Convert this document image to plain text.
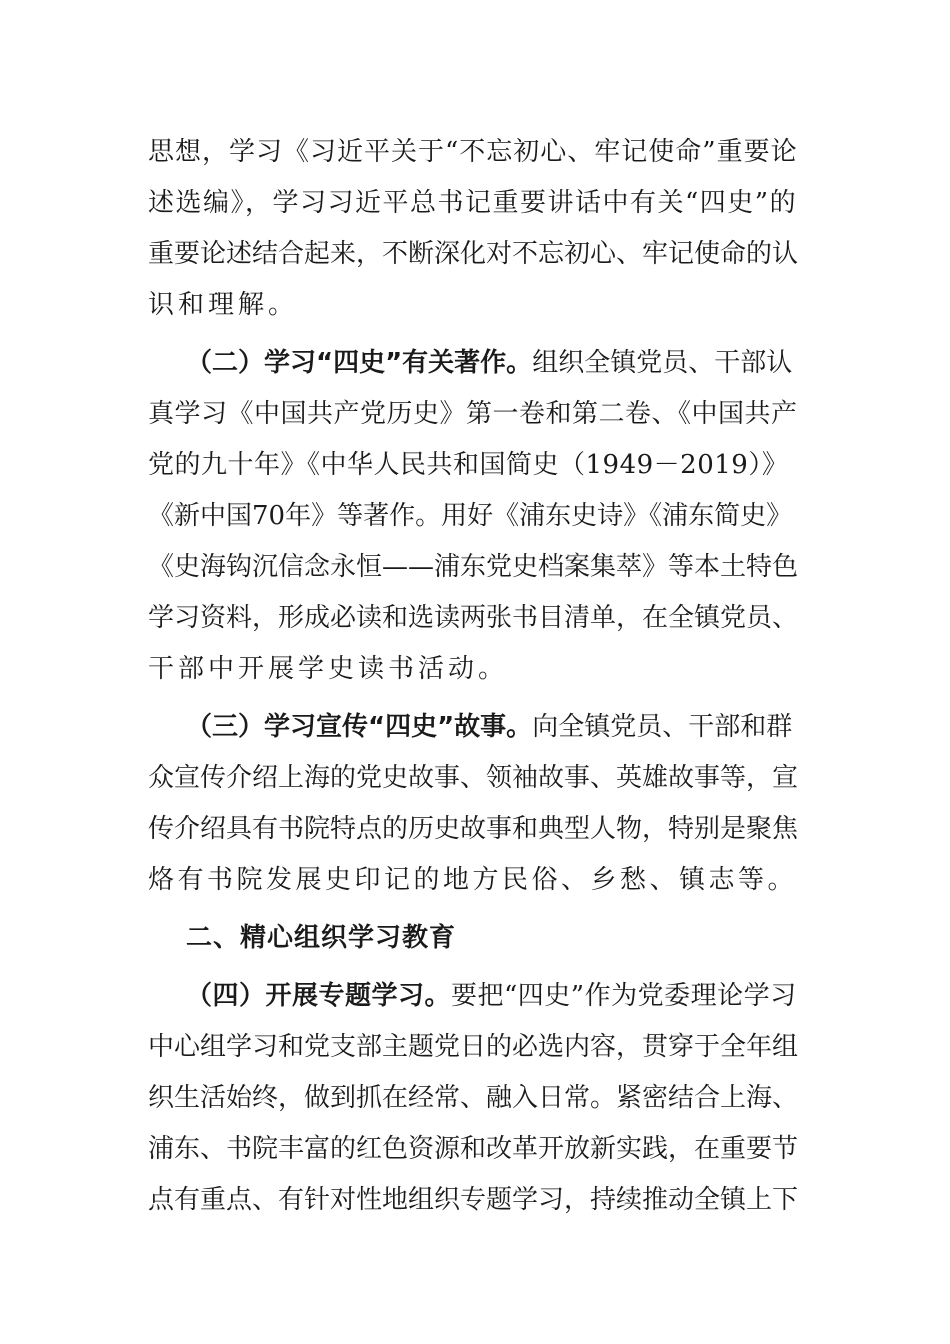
思想，学习《习近平关于“不忘初心、牢记使命”重要论
述选编》，学习习近平总书记重要讲话中有关“四史”的
重要论述结合起来，不断深化对不忘初心、牢记使命的认
识和理解。
（二）学习“四史”有关著作。组织全镇党员、干部认
真学习《中国共产党历史》第一卷和第二卷、《中国共产
党的九十年》《中华人民共和国简史（1949－2019）》
《新中国70年》等著作。用好《浦东史诗》《浦东简史》
《史海钩沉信念永恒——浦东党史档案集萃》等本土特色
学习资料，形成必读和选读两张书目清单，在全镇党员、
干部中开展学史读书活动。
（三）学习宣传“四史”故事。向全镇党员、干部和群
众宣传介绍上海的党史故事、领袖故事、英雄故事等，宣
传介绍具有书院特点的历史故事和典型人物，特别是聚焦
烙有书院发展史印记的地方民俗、乡愁、镇志等。
二、精心组织学习教育
（四）开展专题学习。要把“四史”作为党委理论学习
中心组学习和党支部主题党日的必选内容，贯穿于全年组
织生活始终，做到抓在经常、融入日常。紧密结合上海、
浦东、书院丰富的红色资源和改革开放新实践，在重要节
点有重点、有针对性地组织专题学习，持续推动全镇上下
